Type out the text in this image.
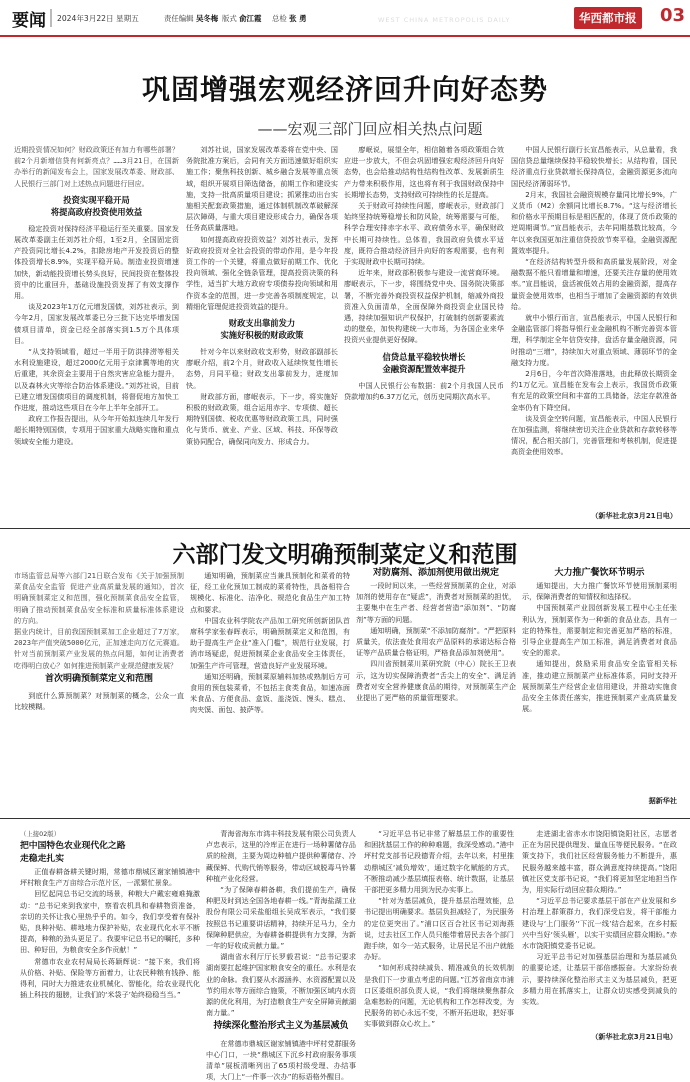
要闻 2024年3月22日 星期五	责任编辑 吴冬梅 版式 俞江霞 总检 张 勇	WEST CHINA METROPOLIS DAILY	华西都市报 03
巩固增强宏观经济回升向好态势
——宏观三部门回应相关热点问题
近期投资情况如何？财政政策还有加力有哪些部署？前2个月新增信贷有何新亮点？……3月21日，在国新办举行的新闻发布会上，国家发展改革委、财政部、人民银行三部门对上述热点问题进行回应。
投资实现平稳开局
将提高政府投资使用效益

稳定投资对保持经济平稳运行至关重要。国家发展改革委副主任刘苏社介绍，1至2月，全国固定资产投资同比增长4.2%，扣除房地产开发投资后的整体投资增长8.9%，实现平稳开局。制造业投资增速加快，新动能投资增长势头良好，民间投资在整体投资中的比重回升，基础设施投资发挥了有效支撑作用。

谈及2023年1万亿元增发国债，刘苏社表示，到今年2月，国家发展改革委已分三批下达完毕增发国债项目清单，资金已经全部落实到1.5万个具体项目。

“从支持领域看，超过一半用于防洪排涝等相关水利设施建设，超过2000亿元用于京津冀等地的灾后重建，其余资金主要用于自然灾害应急能力提升，以及森林火灾等综合防治体系建设。”刘苏社说，目前已建立增发国债项目的调度机制，将督促地方加快工作进度，推动这些项目在今年上半年全部开工。

政府工作报告提出，从今年开始拟连续几年发行超长期特别国债，专项用于国家重大战略实施和重点领域安全能力建设。

刘苏社说，国家发展改革委将在党中央、国务院批准方案后，会同有关方面迅速做好组织实施工作；聚焦科技创新、城乡融合发展等重点领域，组织开展项目筛选储备，前期工作和建设实施，支持一批高质量项目建设；抓紧推动出台实施相关配套政策措施，通过体制机制改革破解深层次障碍，与重大项目建设形成合力，确保各项任务高质量落地。

如何提高政府投资效益？刘苏社表示，发挥好政府投资对全社会投资的带动作用，是今年投资工作的一个关键，将重点做好前期工作、优化投向领域、强化全链条管理，提高投资决策的科学性，适当扩大地方政府专项债券投向领域和用作资本金的范围，进一步完善各项制度规定，以精细化管理促进投资效益的提升。

财政支出靠前发力
实施好积极的财政政策

针对今年以来财政收支形势，财政部副部长廖岷介绍，前2个月，财政收入延续恢复性增长态势，月同平稳；财政支出靠前发力，进度加快。

财政部方面，廖岷表示，下一步，将实施好积极的财政政策，组合运用赤字、专项债、超长期特别国债、税收优惠等财政政策工具，同时强化与货币、就业、产业、区域、科技、环保等政策协同配合，确保同向发力、形成合力。

廖岷说，展望全年，相信随着各项政策组合效应进一步放大，不但会巩固增强宏观经济回升向好态势，也会给推动结构性结构性改革、发展新质生产力带来积极作用，这也将有利于我国财政保持中长期增长态势，支持财政可持续性的长足提高。

关于财政可持续性问题，廖岷表示，财政部门始终坚持统筹稳增长和防风险，统筹需要与可能，科学合理安排赤字水平、政府债务水平，确保财政中长期可持续性。总体看，我国政府负债水平适度，既符合推动经济回升向好的客观需要，也有利于实现财政中长期可持续。

近年来，财政部积极参与建设一流营商环境。廖岷表示，下一步，将围绕党中央、国务院决策部署，不断完善外商投资权益保护机制，缩减外商投资准入负面清单，全面保障外商投资企业国民待遇，持续加强知识产权保护，打破制约创新要素流动的壁垒，加快构建统一大市场，为各国企业来华投资兴业提供更好保障。

信贷总量平稳较快增长
金融资源配置效率提升

中国人民银行公布数据：前2个月我国人民币贷款增加约6.37万亿元，创历史同期次高水平。

中国人民银行副行长宣昌能表示，从总量看，我国信贷总量继续保持平稳较快增长；从结构看，国民经济重点行业贷款增长保持高位，金融资源更多流向国民经济薄弱环节。

2月末，我国社会融资规模存量同比增长9%，广义货币（M2）余额同比增长8.7%。“这与经济增长和价格水平预期目标是相匹配的，体现了货币政策的逆周期调节。”宣昌能表示，去年同期基数比较高，今年以来我国更加注重信贷投放节奏平稳，金融资源配置效率提升。

“在经济结构转型升级和高质量发展阶段，对金融数据不能只看增量和增速，还要关注存量的使用效率。”宣昌能说，盘活被低效占用的金融资源，提高存量资金使用效率，也相当于增加了金融资源的有效供给。

就中小银行而言，宣昌能表示，中国人民银行和金融监管部门将指导银行业金融机构不断完善资本管理，科学制定全年信贷安排，盘活存量金融资源，同时推动“三增”，持续加大对重点领域、薄弱环节的金融支持力度。

2月6日，今年首次降准落地，由此释放长期资金约1万亿元。宣昌能在发布会上表示，我国货币政策有充足的政策空间和丰富的工具储备，法定存款准备金率仍有下降空间。

谈及资金空转问题，宣昌能表示，中国人民银行在加强监测，将继续密切关注企业贷款和存款转移等情况，配合相关部门，完善管理和考核机制，促进提高资金使用效率。

（新华社北京3月21日电）
六部门发文明确预制菜定义和范围
市场监管总局等六部门21日联合发布《关于加强预制菜食品安全监管 促进产业高质量发展的通知》，首次明确预制菜定义和范围，强化预制菜食品安全监管，明确了推动预制菜食品安全标准和质量标准体系建设的方向。
据业内统计，目前我国预制菜加工企业超过了7万家，2023年产值突破5000亿元，正加速走向万亿元赛道。针对当前预制菜产业发展的热点问题，如何让消费者吃得明白放心？如何推进预制菜产业规范健康发展？
首次明确预制菜定义和范围

到底什么算预制菜？对预制菜的概念，公众一直比较模糊。

通知明确，预制菜应当兼具预制化和菜肴的特征，经工业化预加工制成的菜肴特性，具备相符合规模化、标准化、洁净化、规范化食品生产加工特点和要求。

中国农业科学院农产品加工研究所创新团队首席科学家张春晖表示，明确预制菜定义和范围，有助于提高生产企业“准入门槛”，规范行业发展，打消市场疑虑，促进预制菜企业食品安全主体责任，加强生产许可管理，营造良好产业发展环境。

通知还明确，预制菜原辅料加热或熟制后方可食用的预包装菜肴，不包括主食类食品，如速冻面米食品、方便食品、盒饭、盖浇饭、馒头、糕点、肉夹馍、面包、披萨等。

对防腐剂、添加剂使用做出规定

一段时间以来，一些经营预制菜的企业，对添加剂的使用存在“疑虑”，消费者对预制菜的担忧，主要集中在生产者、经营者营造“添加剂”、“防腐剂”等方面的问题。

通知明确，预制菜“不添加防腐剂”。“严把原料质量关，依法查处食用农产品原料的承诺达标合格证等产品质量合格证明，严格食品添加剂使用”。

四川省预制菜川菜研究院（中心）院长王卫表示，这为切实保障消费者“舌尖上的安全”、满足消费者对安全营养健康食品的期待，对预制菜生产企业提出了更严格的质量管理要求。

大力推广餐饮环节明示

通知提出，大力推广餐饮环节使用预制菜明示，保障消费者的知情权和选择权。

中国预制菜产业园创新发展工程中心主任张利认为，预制菜作为一种新的食品业态，具有一定的特殊性，需要制定和完善更加严格的标准，引导企业提高生产加工标准，满足消费者对食品安全的需求。

通知提出，鼓励采用食品安全监管相关标准，推动建立预制菜产业标准体系，同时支持开展预制菜生产经营企业信用建设，并推动实施食品安全主体责任落实，推进预制菜产业高质量发展。

据新华社
（上接02版）
把中国特色农业现代化之路
走稳走扎实

正值春耕备耕关键时期，常德市鼎城区谢家铺镇港中坪村粮食生产万亩综合示范片区，一派繁忙景象。

回忆起同总书记交流的场景，种粮大户戴宏雍难掩激动：“总书记来到我家中，察看农机具和春耕物资准备，亲切的关怀让我心里热乎乎的。如今，我们享受着有保补贴，良种补贴、耕地地力保护补贴，农业现代化水平不断提高，种粮的劲头更足了。我要牢记总书记的嘱托，多种田、种好田，为粮食安全多作贡献！”

常德市农业农村局局长蒋颖辉说：“接下来，我们将从价格、补贴、保险等方面着力，让农民种粮有钱挣、能得利，同时大力推进农业机械化、智能化，给农业现代化插上科技的翅膀，让我们的‘米袋子’始终稳稳当当。”

青海省海东市鸿丰科技发展有限公司负责人卢忠表示，这里的冷库正在进行一场种薯储存品质的检测，主要为周边种植户提供种薯储存、冷藏保鲜、代购代销等服务，带动区域脱毒马铃薯种植产业化经营。

“为了保障春耕备耕，我们提前生产，确保种肥及时到达全国各地春耕一线。”青海盐湖工业股份有限公司采盐船组长吴成军表示，“我们要按照总书记重要讲话精神，持续开足马力，全力保障种肥供应，为春耕备耕提供有力支撑，为新一年的好收成贡献力量。”

湖南省水利厅厅长罗毅君说：“总书记要求湖南要扛起维护国家粮食安全的重任。水利是农业的命脉。我们要从水源涵养、水资源配置以及节约用水等方面综合施策，不断加强区域内水资源的优化利用，为打造粮食生产安全屏障贡献湖南力量。”

持续深化整治形式主义为基层减负

在常德市鼎城区谢家铺镇港中坪村党群服务中心门口，一块“鼎城区下沉乡村政府服务事项清单”展板清晰列出了65项村级受理、办结事项，大门上“一件事一次办”的标语格外醒目。

“习近平总书记非常了解基层工作的重要性和困扰基层工作的种种难题，我深受感动。”港中坪村党支部书记段德青介绍，去年以来，村里推动鼎城区‘减负增效’，通过数字化赋能的方式，不断推动减少基层填报表格、统计数据，让基层干部把更多精力用到为民办实事上。

“针对为基层减负，提升基层治理效能，总书记提出明确要求。基层负担减轻了，为民服务的定位更突出了。”浦口区百合社区书记刘海燕说，过去社区工作人员只能带着居民去各个部门跑手续，如今一站式服务，让居民足不出户就能办好。

“如何形成持续减负、精准减负的长效机制是我们下一步重点考虑的问题。”江苏省南京市浦口区委组织部负责人说，“我们将继续聚焦群众急难愁盼的问题，无论机构和工作怎样改变，为民服务的初心永远不变，不断开拓进取，把好事实事做到群众心坎上。”

走进湖北省赤水市饶阳镇饶阳社区，志愿者正在为居民提供理发、量血压等便民服务。“在政策支持下，我们社区经营服务能力不断提升，惠民服务越来越丰富，群众满意度持续提高。”饶阳镇社区党支部书记说，“我们将更加坚定地担当作为，用实际行动回应群众期待。”

“习近平总书记要求基层干部在产业发展和乡村治理上群策群力，我们深受启发，将干部能力建设与‘上门服务’‘下沉一线’结合起来，在乡村振兴中当好‘领头雁’，以实干实绩回应群众期盼。”赤水市饶阳镇党委书记说。

习近平总书记对加强基层治理和为基层减负的重要论述，让基层干部倍感振奋。大家纷纷表示，要持续深化整治形式主义为基层减负，把更多精力用在抓落实上，让群众切实感受到减负的实效。

（新华社北京3月21日电）
